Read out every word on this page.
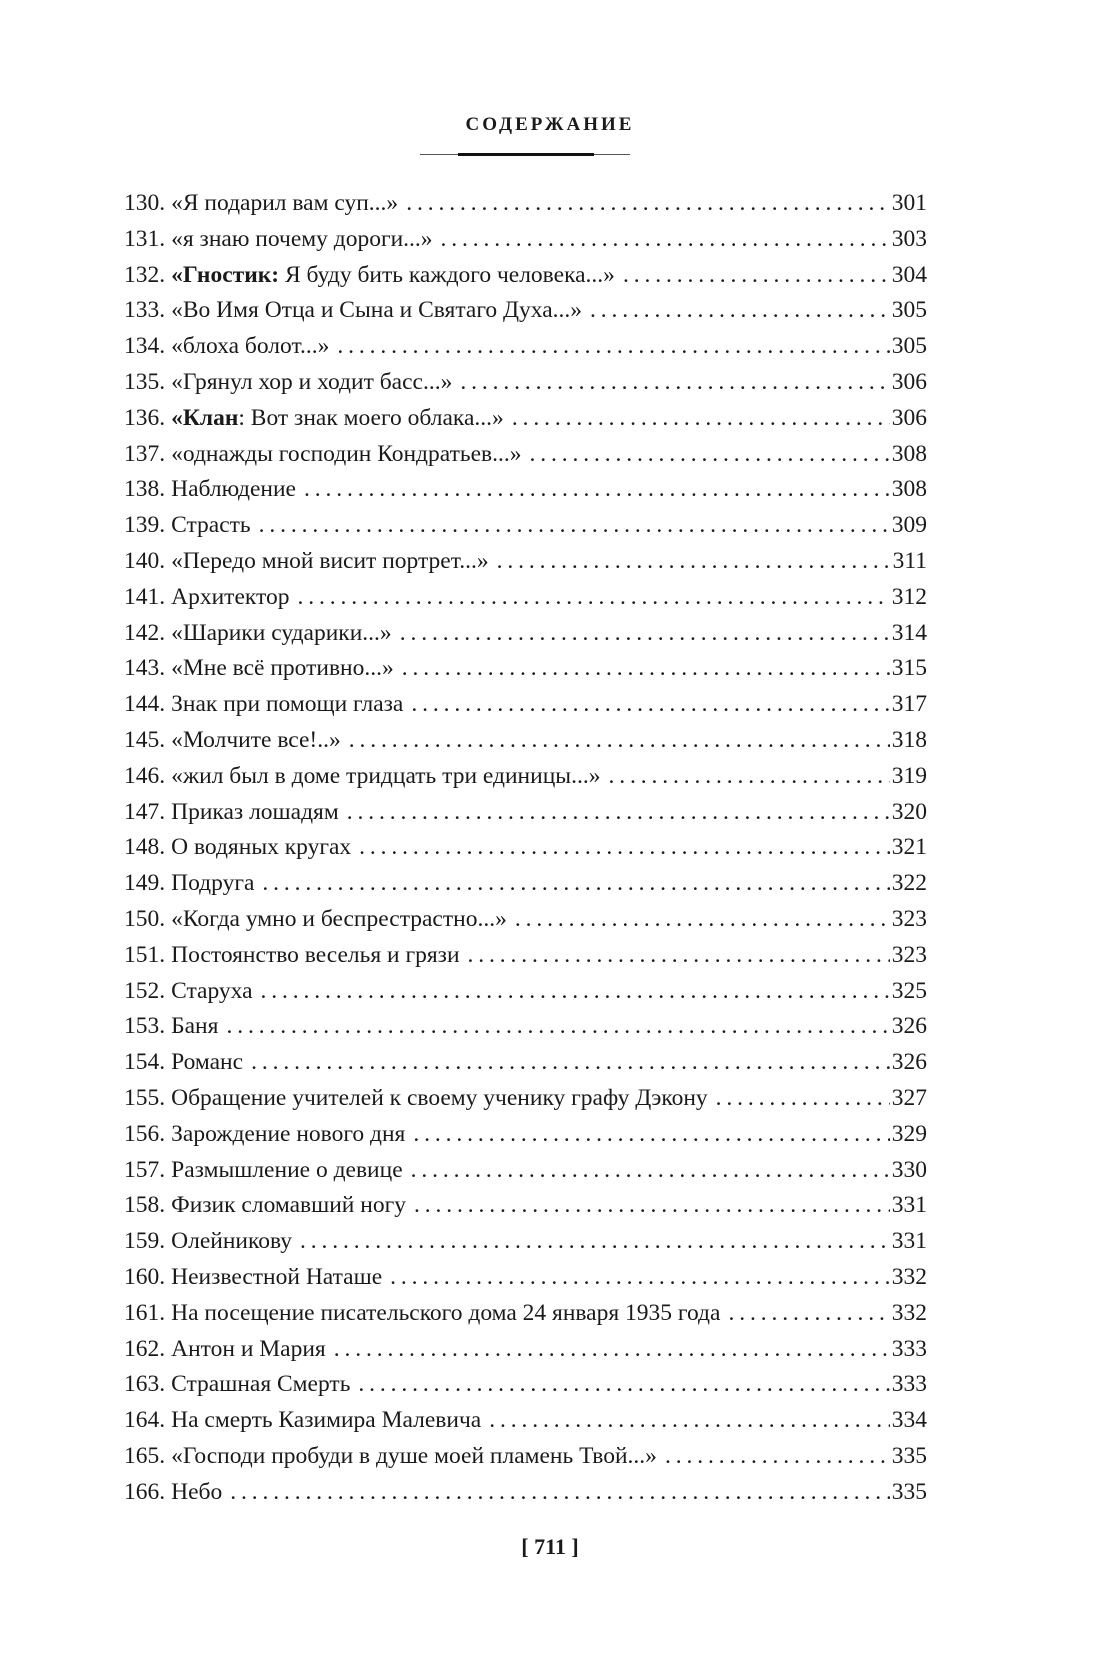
СОДЕРЖАНИЕ
130. «Я подарил вам суп...» . . .	301
131. «я знаю почему дороги...» . . .	303
132. «Гностик: Я буду бить каждого человека...» . . .	304
133. «Во Имя Отца и Сына и Святаго Духа...» . . .	305
134. «блоха болот...» . . .	305
135. «Грянул хор и ходит басс...» . . .	306
136. «Клан: Вот знак моего облака...» . . .	306
137. «однажды господин Кондратьев...» . . .	308
138. Наблюдение . . .	308
139. Страсть . . .	309
140. «Передо мной висит портрет...» . . .	311
141. Архитектор . . .	312
142. «Шарики сударики...» . . .	314
143. «Мне всё противно...» . . .	315
144. Знак при помощи глаза . . .	317
145. «Молчите все!..» . . .	318
146. «жил был в доме тридцать три единицы...» . . .	319
147. Приказ лошадям . . .	320
148. О водяных кругах . . .	321
149. Подруга . . .	322
150. «Когда умно и беспрестрастно...» . . .	323
151. Постоянство веселья и грязи . . .	323
152. Старуха . . .	325
153. Баня . . .	326
154. Романс . . .	326
155. Обращение учителей к своему ученику графу Дэкону . . .	327
156. Зарождение нового дня . . .	329
157. Размышление о девице . . .	330
158. Физик сломавший ногу . . .	331
159. Олейникову . . .	331
160. Неизвестной Наташе . . .	332
161. На посещение писательского дома 24 января 1935 года . . .	332
162. Антон и Мария . . .	333
163. Страшная Смерть . . .	333
164. На смерть Казимира Малевича . . .	334
165. «Господи пробуди в душе моей пламень Твой...» . . .	335
166. Небо . . .	335
[ 711 ]
